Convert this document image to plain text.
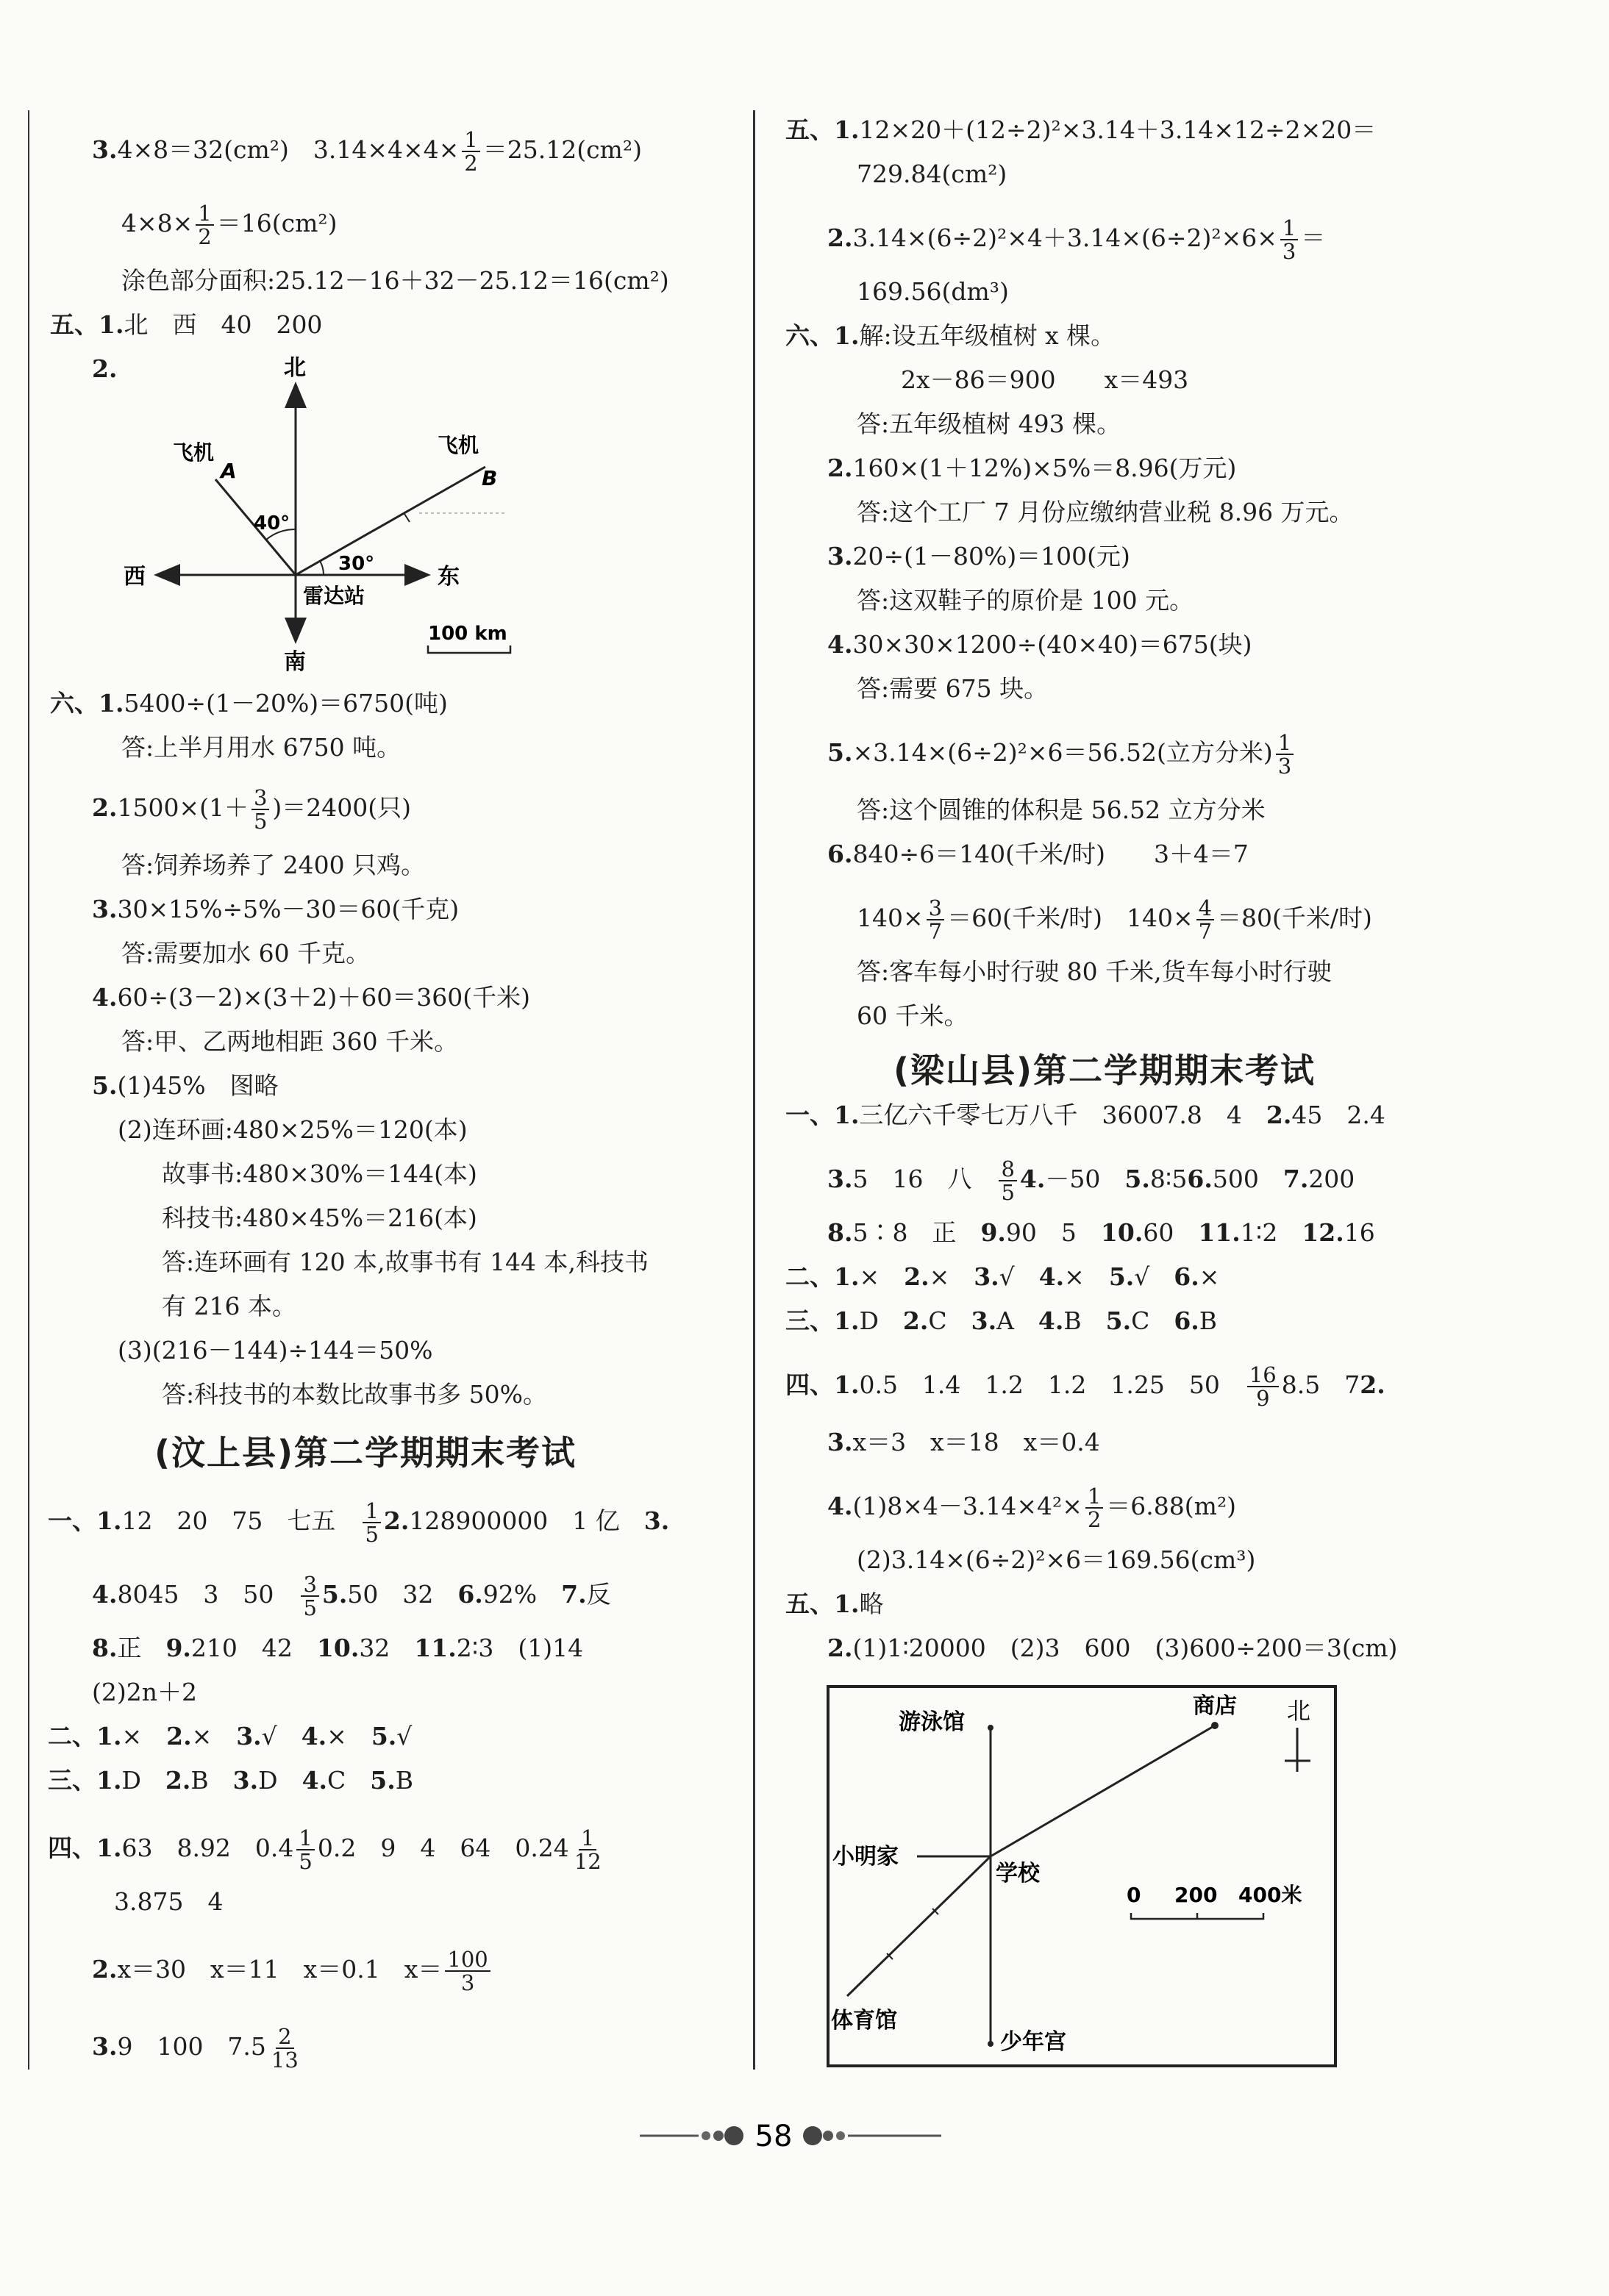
3.4×8＝32(cm²)　$3.14\times 4\times 4\times \frac{1}{2} =25.12(cm^2)$
$4\times 8\times \frac{1}{2} =16(cm^2)$
涂色部分面积:25.12－16＋32－25.12＝16(cm²)
五、1.北　西　40　200
2.
六、1.5400÷(1－20%)＝6750(吨)
答:上半月用水 6750 吨。
$2.1500\times(1+ \frac{3}{5} )=2400$(只)
答:饲养场养了 2400 只鸡。
3.30×15%÷5%－30＝60(千克)
答:需要加水 60 千克。
4.60÷(3－2)×(3＋2)＋60＝360(千米)
答:甲、乙两地相距 360 千米。
5.(1)45%　图略
(2)连环画:480×25%＝120(本)
故事书:480×30%＝144(本)
科技书:480×45%＝216(本)
答:连环画有 120 本,故事书有 144 本,科技书
有 216 本。
(3)(216－144)÷144＝50%
答:科技书的本数比故事书多 50%。
(汶上县)第二学期期末考试
一、1.12　20　75　七五　 $\frac{1}{5} 2.128900000$　1 亿　3.
4.8045　3　50　 $\frac{3}{5} 5.50$　32　6.92%　7.反
8.正　9.210　42　10.32　11.2∶3　(1)14
(2)2n＋2
二、1.×　2.×　3.√　4.×　5.√
三、1.D　2.B　3.D　4.C　5.B
四、1.63　8.92　$0.4 \frac{1}{5} 0.2$　9　4　64　$0.24 \frac{1}{12}$
3.875　4
2.x＝30　x＝11　x＝0.1　$x= \frac{100}{3}$
3.9　100　$7.5 \frac{2}{13}$
北
南
西	东
飞机	飞机
A	B
40°
30°
雷达站
100 km
五、1.12×20＋(12÷2)²×3.14＋3.14×12÷2×20＝
729.84(cm²)
$2.3.14\times(6\div 2)^2\times 4+3.14\times(6\div 2)^2\times 6\times \frac{1}{3}$ ＝
169.56(dm³)
六、1.解:设五年级植树 x 棵。
2x－86＝900　　x＝493
答:五年级植树 493 棵。
2.160×(1＋12%)×5%＝8.96(万元)
答:这个工厂 7 月份应缴纳营业税 8.96 万元。
3.20÷(1－80%)＝100(元)
答:这双鞋子的原价是 100 元。
4.30×30×1200÷(40×40)＝675(块)
答:需要 675 块。
5.×3.14×(6÷2)²×6＝56.52(立方分米) $\frac{1}{3}$
答:这个圆锥的体积是 56.52 立方分米
6.840÷6＝140(千米/时)　　3＋4＝7
$140\times \frac{3}{7} =60$(千米/时)　$140\times \frac{4}{7} =80$(千米/时)
答:客车每小时行驶 80 千米,货车每小时行驶
60 千米。
(梁山县)第二学期期末考试
一、1.三亿六千零七万八千　36007.8　4　2.45　2.4
3.5　16　八　 $\frac{8}{5} 4.-50$　5.8∶56.500　7.200
8.5∶8　正　9.90　5　10.60　11.1∶2　12.16
二、1.×　2.×　3.√　4.×　5.√　6.×
三、1.D　2.C　3.A　4.B　5.C　6.B
四、1.0.5　1.4　1.2　1.2　1.25　50　 $\frac{16}{9} 8.5$　72.
3.x＝3　x＝18　x＝0.4
$4.(1)8\times 4-3.14\times 4^2\times \frac{1}{2} =6.88(m^2)$
(2)3.14×(6÷2)²×6＝169.56(cm³)
五、1.略
2.(1)1∶20000　(2)3　600　(3)600÷200＝3(cm)
游泳馆
商店 北
小明家
学校
体育馆
少年宫
0 200 400米
58
